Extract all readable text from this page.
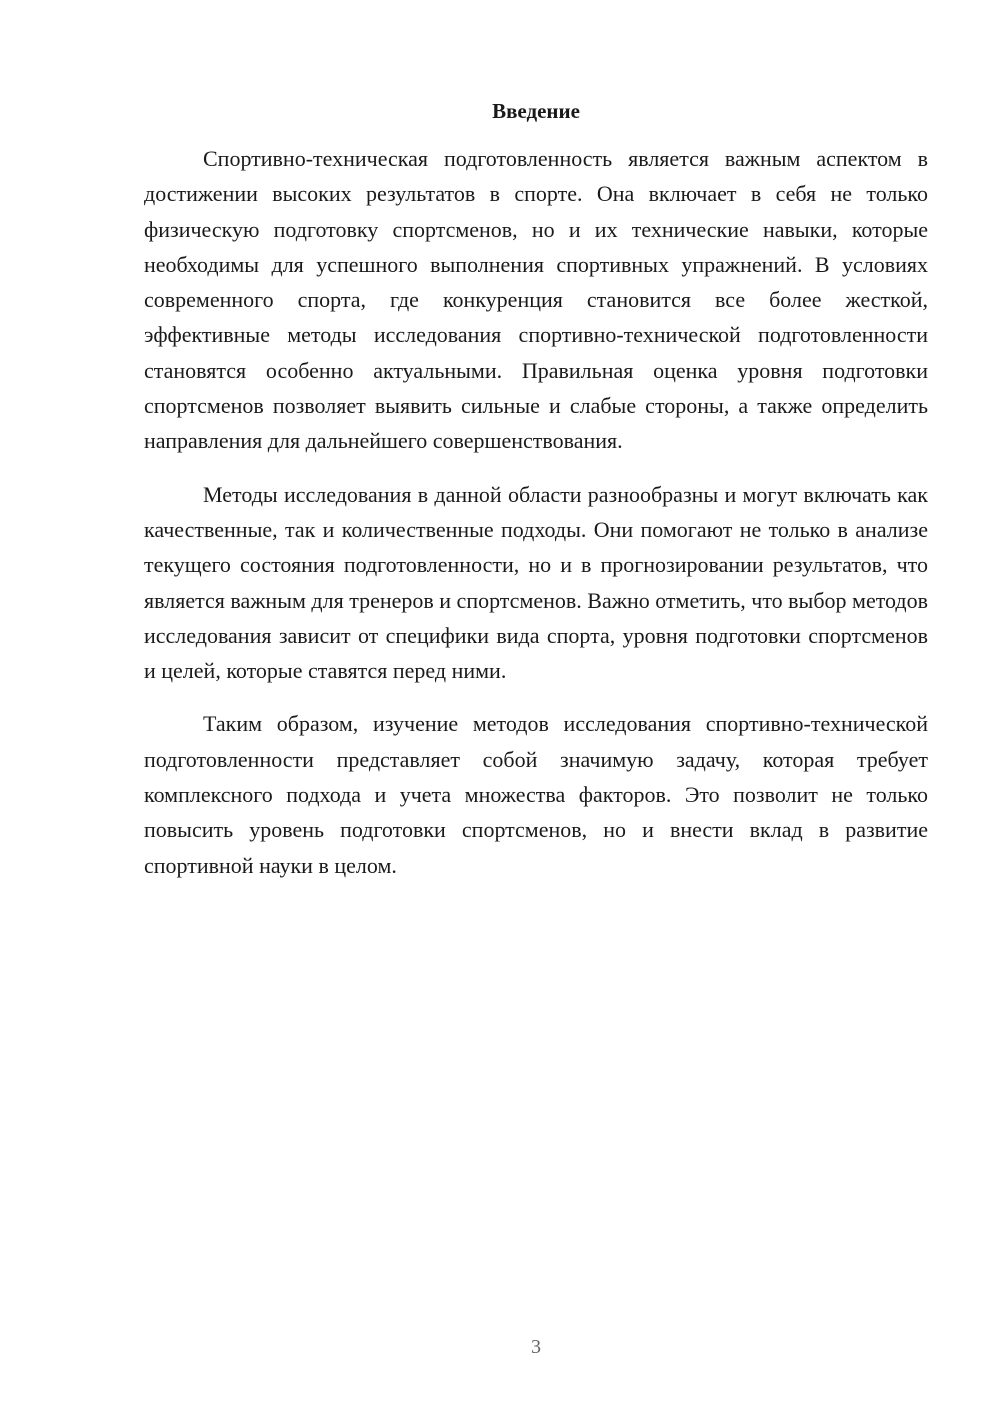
Введение

Спортивно-техническая подготовленность является важным аспектом в достижении высоких результатов в спорте. Она включает в себя не только физическую подготовку спортсменов, но и их технические навыки, которые необходимы для успешного выполнения спортивных упражнений. В условиях современного спорта, где конкуренция становится все более жесткой, эффективные методы исследования спортивно-технической подготовленности становятся особенно актуальными. Правильная оценка уровня подготовки спортсменов позволяет выявить сильные и слабые стороны, а также определить направления для дальнейшего совершенствования.

Методы исследования в данной области разнообразны и могут включать как качественные, так и количественные подходы. Они помогают не только в анализе текущего состояния подготовленности, но и в прогнозировании результатов, что является важным для тренеров и спортсменов. Важно отметить, что выбор методов исследования зависит от специфики вида спорта, уровня подготовки спортсменов и целей, которые ставятся перед ними.

Таким образом, изучение методов исследования спортивно-технической подготовленности представляет собой значимую задачу, которая требует комплексного подхода и учета множества факторов. Это позволит не только повысить уровень подготовки спортсменов, но и внести вклад в развитие спортивной науки в целом.

3
